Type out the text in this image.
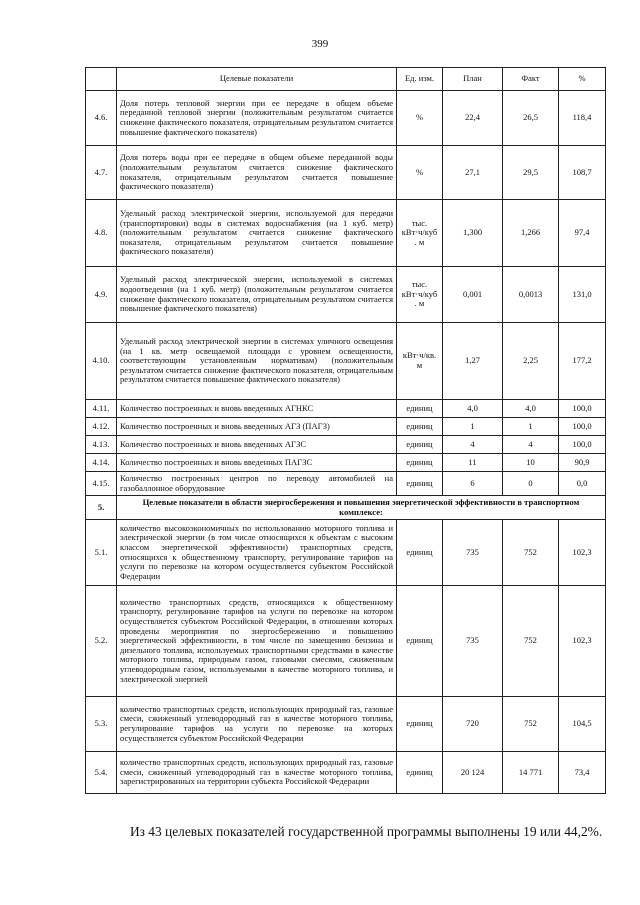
399
	Целевые показатели	Ед. изм.	План	Факт	%
4.6.	Доля потерь тепловой энергии при ее передаче в общем объеме переданной тепловой энергии (положительным результатом считается снижение фактического показателя, отрицательным результатом считается повышение фактического показателя)	%	22,4	26,5	118,4
4.7.	Доля потерь воды при ее передаче в общем объеме переданной воды (положительным результатом считается снижение фактического показателя, отрицательным результатом считается повышение фактического показателя)	%	27,1	29,5	108,7
4.8.	Удельный расход электрической энергии, используемой для передачи (транспортировки) воды в системах водоснабжения (на 1 куб. метр) (положительным результатом считается снижение фактического показателя, отрицательным результатом считается повышение фактического показателя)	тыс. кВт·ч/куб . м	1,300	1,266	97,4
4.9.	Удельный расход электрической энергии, используемой в системах водоотведения (на 1 куб. метр) (положительным результатом считается снижение фактического показателя, отрицательным результатом считается повышение фактического показателя)	тыс. кВт·ч/куб . м	0,001	0,0013	131,0
4.10.	Удельный расход электрической энергии в системах уличного освещения (на 1 кв. метр освещаемой площади с уровнем освещенности, соответствующим установленным нормативам) (положительным результатом считается снижение фактического показателя, отрицательным результатом считается повышение фактического показателя)	кВт·ч/кв. м	1,27	2,25	177,2
4.11.	Количество построенных и вновь введенных АГНКС	единиц	4,0	4,0	100,0
4.12.	Количество построенных и вновь введенных АГЗ (ПАГЗ)	единиц	1	1	100,0
4.13.	Количество построенных и вновь введенных АГЗС	единиц	4	4	100,0
4.14.	Количество построенных и вновь введенных ПАГЗС	единиц	11	10	90,9
4.15.	Количество построенных центров по переводу автомобилей на газобаллонное оборудование	единиц	6	0	0,0
5.	Целевые показатели в области энергосбережения и повышения энергетической эффективности в транспортном комплексе:				
5.1.	количество высокоэкономичных по использованию моторного топлива и электрической энергии (в том числе относящихся к объектам с высоким классом энергетической эффективности) транспортных средств, относящихся к общественному транспорту, регулирование тарифов на услуги по перевозке на котором осуществляется субъектом Российской Федерации	единиц	735	752	102,3
5.2.	количество транспортных средств, относящихся к общественному транспорту, регулирование тарифов на услуги по перевозке на котором осуществляется субъектом Российской Федерации, в отношении которых проведены мероприятия по энергосбережению и повышению энергетической эффективности, в том числе по замещению бензина и дизельного топлива, используемых транспортными средствами в качестве моторного топлива, природным газом, газовыми смесями, сжиженным углеводородным газом, используемыми в качестве моторного топлива, и электрической энергией	единиц	735	752	102,3
5.3.	количество транспортных средств, использующих природный газ, газовые смеси, сжиженный углеводородный газ в качестве моторного топлива, регулирование тарифов на услуги по перевозке на которых осуществляется субъектом Российской Федерации	единиц	720	752	104,5
5.4.	количество транспортных средств, использующих природный газ, газовые смеси, сжиженный углеводородный газ в качестве моторного топлива, зарегистрированных на территории субъекта Российской Федерации	единиц	20 124	14 771	73,4
Из 43 целевых показателей государственной программы выполнены 19 или 44,2%.
